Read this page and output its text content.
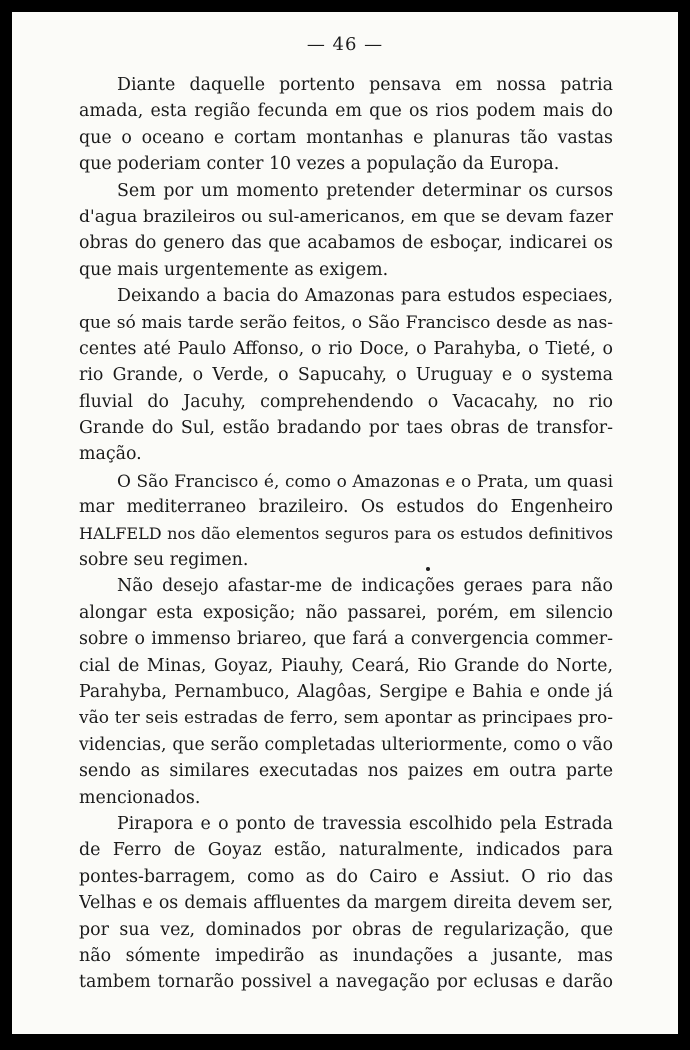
— 46 —

Diante daquelle portento pensava em nossa patria
amada, esta região fecunda em que os rios podem mais do
que o oceano e cortam montanhas e planuras tão vastas
que poderiam conter 10 vezes a população da Europa.

Sem por um momento pretender determinar os cursos
d'agua brazileiros ou sul-americanos, em que se devam fazer
obras do genero das que acabamos de esboçar, indicarei os
que mais urgentemente as exigem.

Deixando a bacia do Amazonas para estudos especiaes,
que só mais tarde serão feitos, o São Francisco desde as nas-
centes até Paulo Affonso, o rio Doce, o Parahyba, o Tieté, o
rio Grande, o Verde, o Sapucahy, o Uruguay e o systema
fluvial do Jacuhy, comprehendendo o Vacacahy, no rio
Grande do Sul, estão bradando por taes obras de transfor-
mação.

O São Francisco é, como o Amazonas e o Prata, um quasi
mar mediterraneo brazileiro. Os estudos do Engenheiro
HALFELD nos dão elementos seguros para os estudos definitivos
sobre seu regimen.

Não desejo afastar-me de indicações geraes para não
alongar esta exposição; não passarei, porém, em silencio
sobre o immenso briareo, que fará a convergencia commer-
cial de Minas, Goyaz, Piauhy, Ceará, Rio Grande do Norte,
Parahyba, Pernambuco, Alagôas, Sergipe e Bahia e onde já
vão ter seis estradas de ferro, sem apontar as principaes pro-
videncias, que serão completadas ulteriormente, como o vão
sendo as similares executadas nos paizes em outra parte
mencionados.

Pirapora e o ponto de travessia escolhido pela Estrada
de Ferro de Goyaz estão, naturalmente, indicados para
pontes-barragem, como as do Cairo e Assiut. O rio das
Velhas e os demais affluentes da margem direita devem ser,
por sua vez, dominados por obras de regularização, que
não sómente impedirão as inundações a jusante, mas
tambem tornarão possivel a navegação por eclusas e darão
